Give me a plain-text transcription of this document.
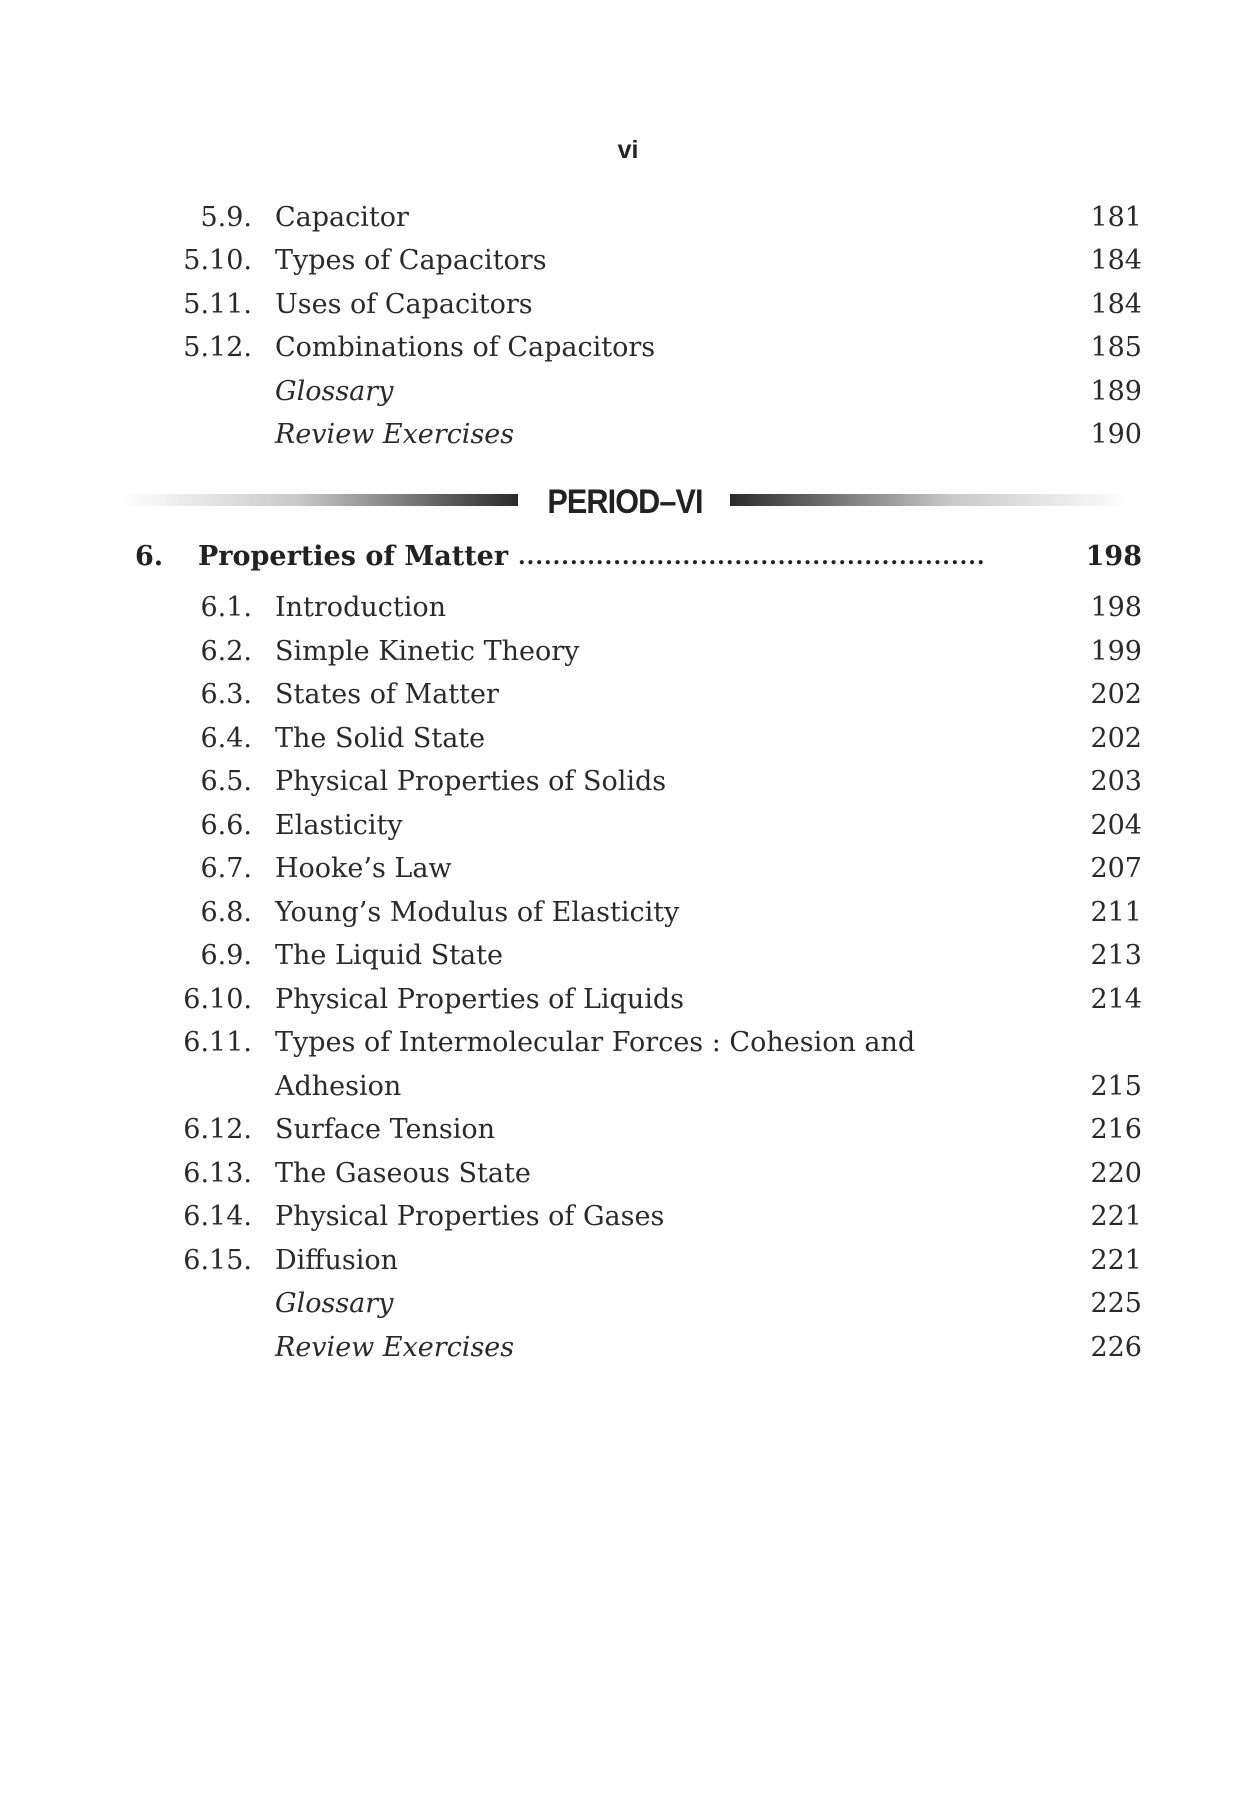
vi
5.9. Capacitor	181
5.10. Types of Capacitors	184
5.11. Uses of Capacitors	184
5.12. Combinations of Capacitors	185
Glossary	189
Review Exercises	190
PERIOD–VI
6. Properties of Matter ......................................................	198
6.1. Introduction	198
6.2. Simple Kinetic Theory	199
6.3. States of Matter	202
6.4. The Solid State	202
6.5. Physical Properties of Solids	203
6.6. Elasticity	204
6.7. Hooke’s Law	207
6.8. Young’s Modulus of Elasticity	211
6.9. The Liquid State	213
6.10. Physical Properties of Liquids	214
6.11. Types of Intermolecular Forces : Cohesion and
Adhesion	215
6.12. Surface Tension	216
6.13. The Gaseous State	220
6.14. Physical Properties of Gases	221
6.15. Diffusion	221
Glossary	225
Review Exercises	226
